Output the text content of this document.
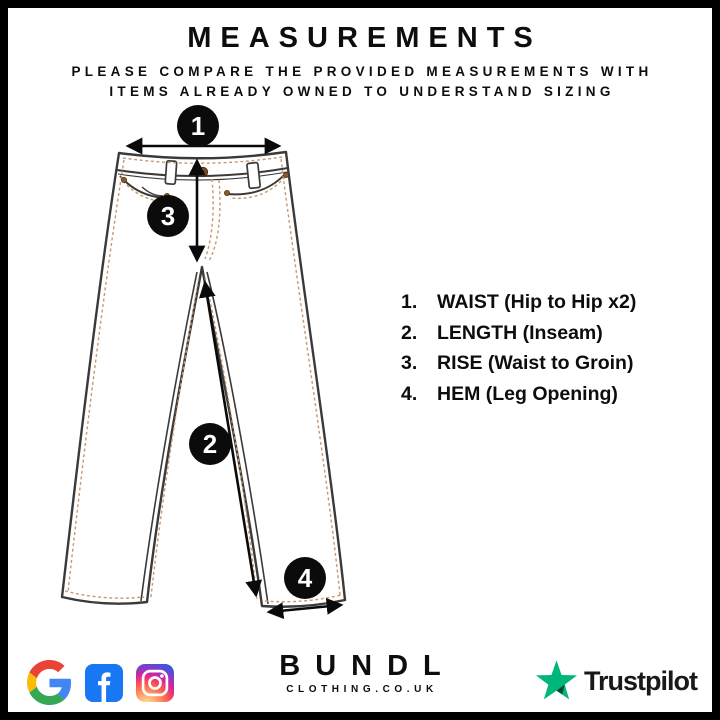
MEASUREMENTS
PLEASE COMPARE THE PROVIDED MEASUREMENTS WITH
ITEMS ALREADY OWNED TO UNDERSTAND SIZING
1
3
2
4
1.	WAIST (Hip to Hip x2)
2.	LENGTH (Inseam)
3.	RISE (Waist to Groin)
4.	HEM (Leg Opening)
BUNDL
CLOTHING.CO.UK	Trustpilot
